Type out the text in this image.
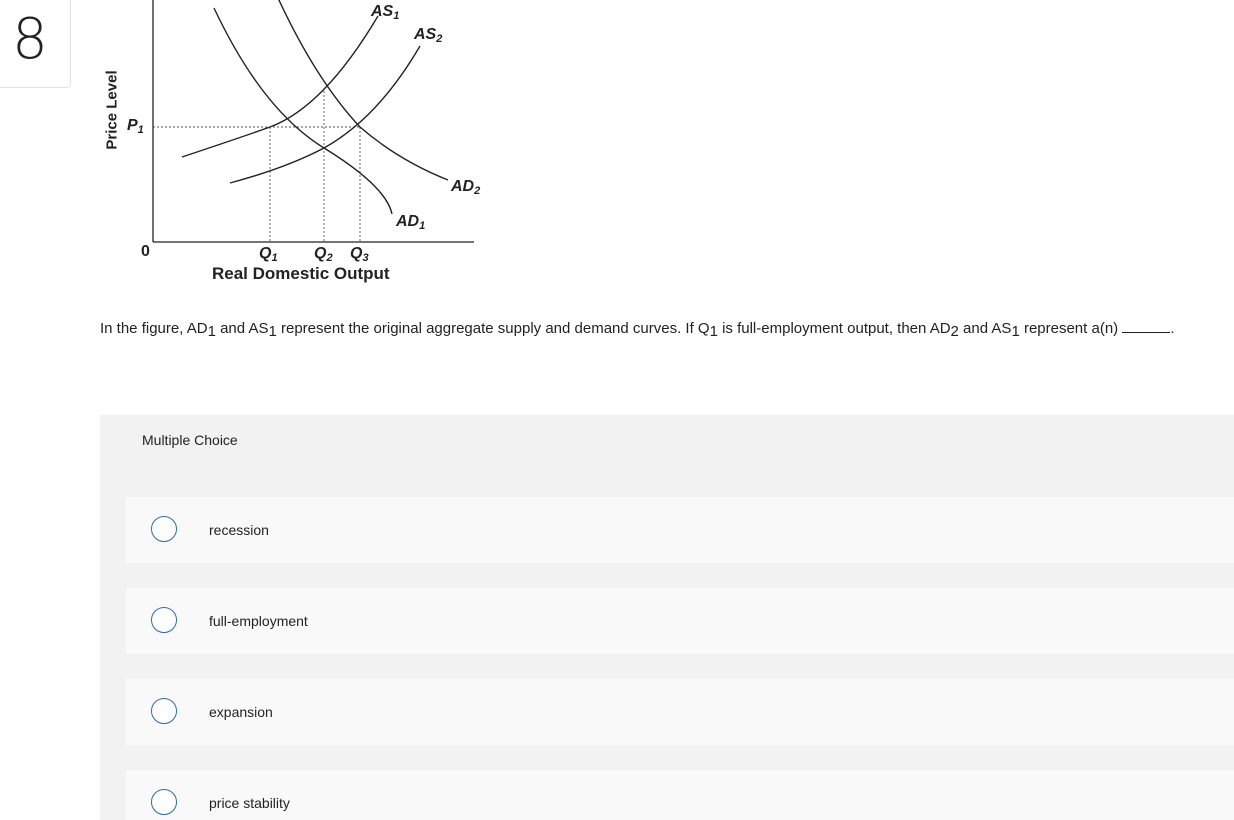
8
Price Level $P_1$
0	$Q_1$ $Q_2$ $Q_3$
Real Domestic Output
$AS_1$
$AS_2$
$AD_1$
$AD_2$
In the figure, AD1 and AS1 represent the original aggregate supply and demand curves. If Q1 is full-employment output, then AD2 and AS1 represent a(n)	.
Multiple Choice
recession
full-employment
expansion
price stability
